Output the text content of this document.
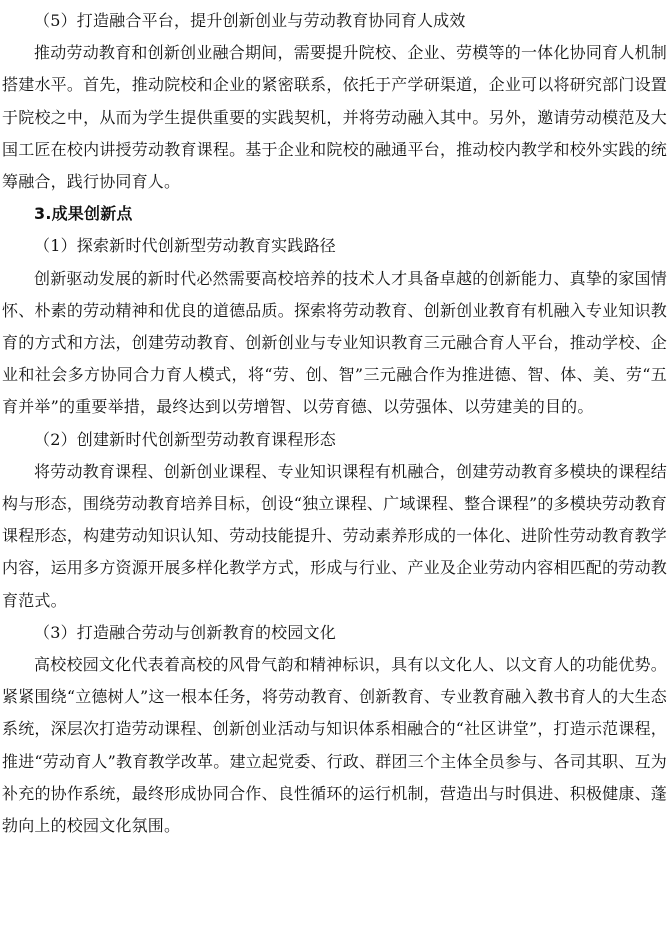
（5）打造融合平台，提升创新创业与劳动教育协同育人成效

推动劳动教育和创新创业融合期间，需要提升院校、企业、劳模等的一体化协同育人机制搭建水平。首先，推动院校和企业的紧密联系，依托于产学研渠道，企业可以将研究部门设置于院校之中，从而为学生提供重要的实践契机，并将劳动融入其中。另外，邀请劳动模范及大国工匠在校内讲授劳动教育课程。基于企业和院校的融通平台，推动校内教学和校外实践的统筹融合，践行协同育人。

3.成果创新点

（1）探索新时代创新型劳动教育实践路径

创新驱动发展的新时代必然需要高校培养的技术人才具备卓越的创新能力、真挚的家国情怀、朴素的劳动精神和优良的道德品质。探索将劳动教育、创新创业教育有机融入专业知识教育的方式和方法，创建劳动教育、创新创业与专业知识教育三元融合育人平台，推动学校、企业和社会多方协同合力育人模式，将“劳、创、智”三元融合作为推进德、智、体、美、劳“五育并举”的重要举措，最终达到以劳增智、以劳育德、以劳强体、以劳建美的目的。

（2）创建新时代创新型劳动教育课程形态

将劳动教育课程、创新创业课程、专业知识课程有机融合，创建劳动教育多模块的课程结构与形态，围绕劳动教育培养目标，创设“独立课程、广域课程、整合课程”的多模块劳动教育课程形态，构建劳动知识认知、劳动技能提升、劳动素养形成的一体化、进阶性劳动教育教学内容，运用多方资源开展多样化教学方式，形成与行业、产业及企业劳动内容相匹配的劳动教育范式。

（3）打造融合劳动与创新教育的校园文化

高校校园文化代表着高校的风骨气韵和精神标识，具有以文化人、以文育人的功能优势。紧紧围绕“立德树人”这一根本任务，将劳动教育、创新教育、专业教育融入教书育人的大生态系统，深层次打造劳动课程、创新创业活动与知识体系相融合的“社区讲堂”，打造示范课程，推进“劳动育人”教育教学改革。建立起党委、行政、群团三个主体全员参与、各司其职、互为补充的协作系统，最终形成协同合作、良性循环的运行机制，营造出与时俱进、积极健康、蓬勃向上的校园文化氛围。
